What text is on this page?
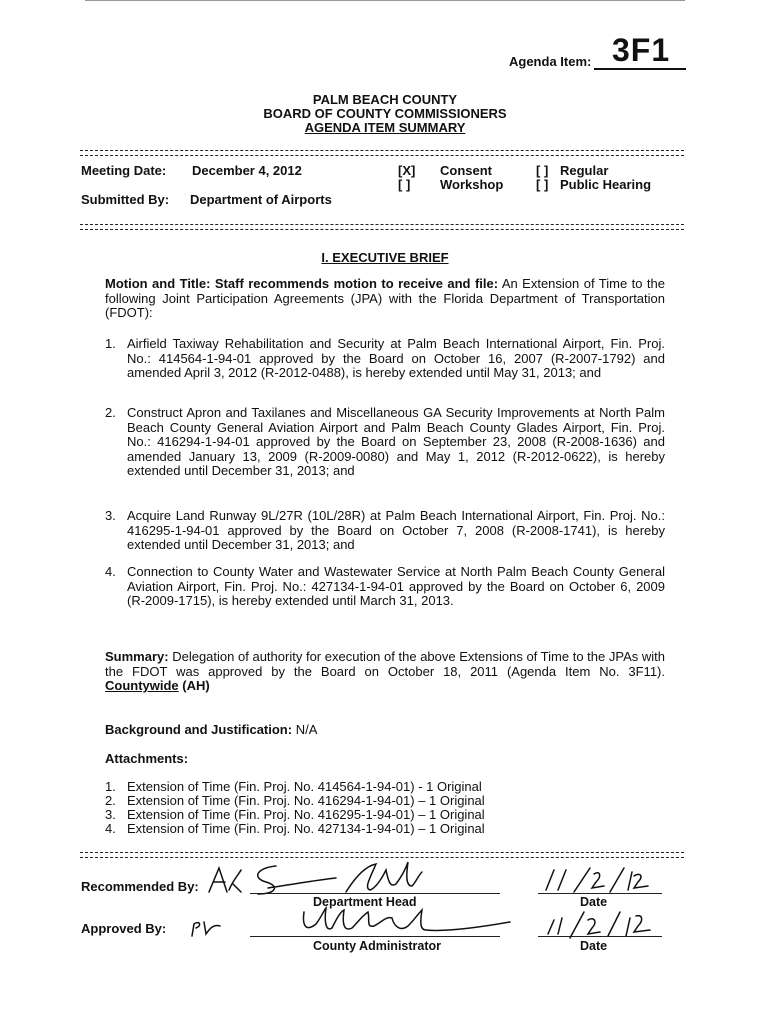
Agenda Item: 3F1
PALM BEACH COUNTY
BOARD OF COUNTY COMMISSIONERS
AGENDA ITEM SUMMARY
Meeting Date: December 4, 2012	[X] Consent
[ ] Workshop
[ ] Regular
[ ] Public Hearing
Submitted By: Department of Airports
I. EXECUTIVE BRIEF
Motion and Title: Staff recommends motion to receive and file: An Extension of Time to the following Joint Participation Agreements (JPA) with the Florida Department of Transportation (FDOT):
1. Airfield Taxiway Rehabilitation and Security at Palm Beach International Airport, Fin. Proj. No.: 414564-1-94-01 approved by the Board on October 16, 2007 (R-2007-1792) and amended April 3, 2012 (R-2012-0488), is hereby extended until May 31, 2013; and
2. Construct Apron and Taxilanes and Miscellaneous GA Security Improvements at North Palm Beach County General Aviation Airport and Palm Beach County Glades Airport, Fin. Proj. No.: 416294-1-94-01 approved by the Board on September 23, 2008 (R-2008-1636) and amended January 13, 2009 (R-2009-0080) and May 1, 2012 (R-2012-0622), is hereby extended until December 31, 2013; and
3. Acquire Land Runway 9L/27R (10L/28R) at Palm Beach International Airport, Fin. Proj. No.: 416295-1-94-01 approved by the Board on October 7, 2008 (R-2008-1741), is hereby extended until December 31, 2013; and
4. Connection to County Water and Wastewater Service at North Palm Beach County General Aviation Airport, Fin. Proj. No.: 427134-1-94-01 approved by the Board on October 6, 2009 (R-2009-1715), is hereby extended until March 31, 2013.
Summary: Delegation of authority for execution of the above Extensions of Time to the JPAs with the FDOT was approved by the Board on October 18, 2011 (Agenda Item No. 3F11). Countywide (AH)
Background and Justification: N/A
Attachments:
1. Extension of Time (Fin. Proj. No. 414564-1-94-01) - 1 Original
2. Extension of Time (Fin. Proj. No. 416294-1-94-01) – 1 Original
3. Extension of Time (Fin. Proj. No. 416295-1-94-01) – 1 Original
4. Extension of Time (Fin. Proj. No. 427134-1-94-01) – 1 Original
Recommended By:
Department Head	Date
Approved By:
County Administrator	Date
